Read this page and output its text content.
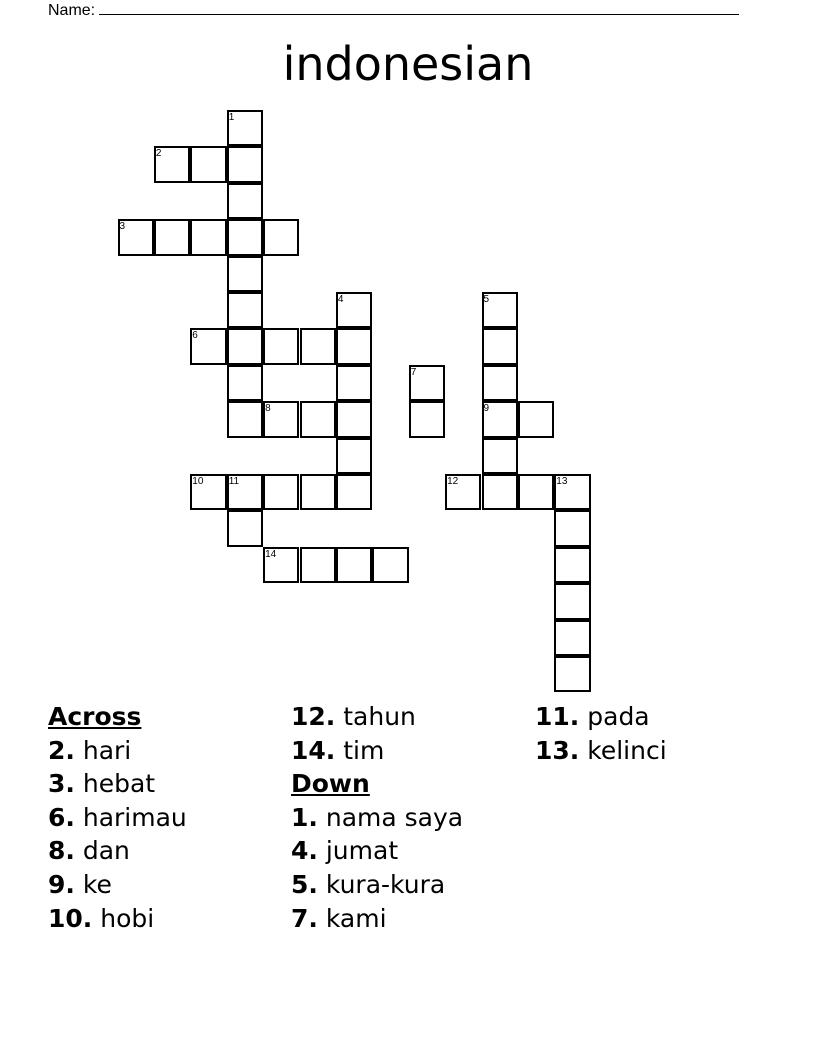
Name:
indonesian
2
3
6
8	9
10	11	12	13
14
1
4	5
7
Across
2. hari
3. hebat
6. harimau
8. dan
9. ke
10. hobi
12. tahun
14. tim
Down
1. nama saya
4. jumat
5. kura-kura
7. kami
11. pada
13. kelinci
